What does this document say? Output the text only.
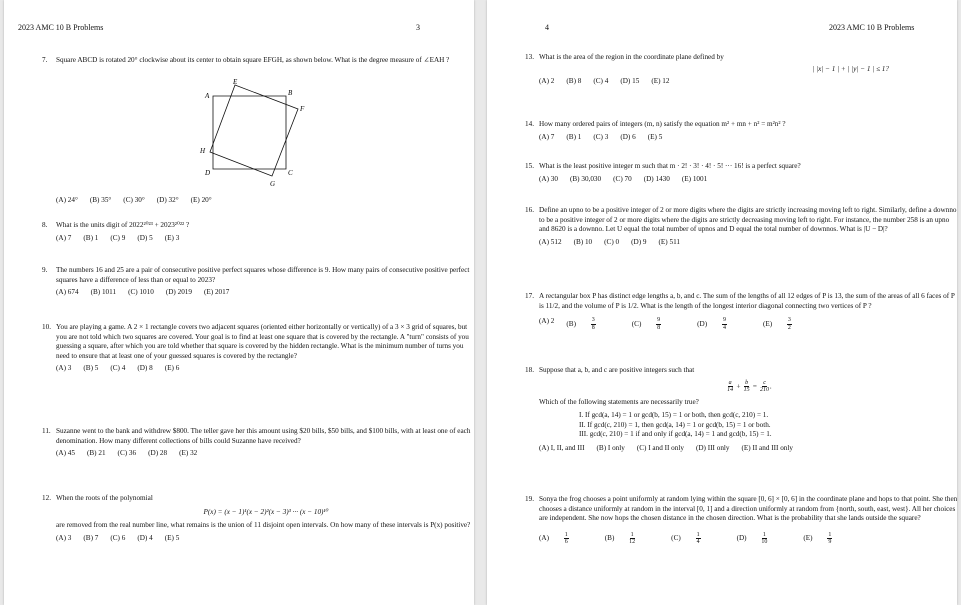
2023 AMC 10 B Problems	3
7. Square ABCD is rotated 20° clockwise about its center to obtain square EFGH, as shown below. What is the degree measure of ∠EAH ?
A	B
C
D
E
F
G
H
(A) 24° (B) 35° (C) 30° (D) 32° (E) 20°
8. What is the units digit of 2022²⁰²³ + 2023²⁰²² ?
(A) 7 (B) 1 (C) 9 (D) 5 (E) 3
9. The numbers 16 and 25 are a pair of consecutive positive perfect squares whose difference is 9. How many pairs of consecutive positive perfect squares have a difference of less than or equal to 2023?
(A) 674 (B) 1011 (C) 1010 (D) 2019 (E) 2017
10. You are playing a game. A 2 × 1 rectangle covers two adjacent squares (oriented either horizontally or vertically) of a 3 × 3 grid of squares, but you are not told which two squares are covered. Your goal is to find at least one square that is covered by the rectangle. A "turn" consists of you guessing a square, after which you are told whether that square is covered by the hidden rectangle. What is the minimum number of turns you need to ensure that at least one of your guessed squares is covered by the rectangle?
(A) 3 (B) 5 (C) 4 (D) 8 (E) 6
11. Suzanne went to the bank and withdrew $800. The teller gave her this amount using $20 bills, $50 bills, and $100 bills, with at least one of each denomination. How many different collections of bills could Suzanne have received?
(A) 45 (B) 21 (C) 36 (D) 28 (E) 32
12. When the roots of the polynomial
P(x) = (x − 1)¹(x − 2)²(x − 3)³ ··· (x − 10)¹⁰
are removed from the real number line, what remains is the union of 11 disjoint open intervals. On how many of these intervals is P(x) positive?
(A) 3 (B) 7 (C) 6 (D) 4 (E) 5
4	2023 AMC 10 B Problems
13. What is the area of the region in the coordinate plane defined by
| |x| − 1 | + | |y| − 1 | ≤ 1?
(A) 2 (B) 8 (C) 4 (D) 15 (E) 12
14. How many ordered pairs of integers (m, n) satisfy the equation m² + mn + n² = m²n² ?
(A) 7 (B) 1 (C) 3 (D) 6 (E) 5
15. What is the least positive integer m such that m · 2! · 3! · 4! · 5! ··· 16! is a perfect square?
(A) 30 (B) 30,030 (C) 70 (D) 1430 (E) 1001
16. Define an upno to be a positive integer of 2 or more digits where the digits are strictly increasing moving left to right. Similarly, define a downno to be a positive integer of 2 or more digits where the digits are strictly decreasing moving left to right. For instance, the number 258 is an upno and 8620 is a downno. Let U equal the total number of upnos and D equal the total number of downnos. What is |U − D|?
(A) 512 (B) 10 (C) 0 (D) 9 (E) 511
17. A rectangular box P has distinct edge lengths a, b, and c. The sum of the lengths of all 12 edges of P is 13, the sum of the areas of all 6 faces of P is 11/2, and the volume of P is 1/2. What is the length of the longest interior diagonal connecting two vertices of P ?
(A) 2 $(B) \frac{3}{8}$	$(C) \frac{9}{8}$	$(D) \frac{9}{4}$	$(E) \frac{3}{2}$
18. Suppose that a, b, and c are positive integers such that
$\frac{a}{14} + \frac{b}{15} = \frac{c}{210}$ .
Which of the following statements are necessarily true?
I. If gcd(a, 14) = 1 or gcd(b, 15) = 1 or both, then gcd(c, 210) = 1.
II. If gcd(c, 210) = 1, then gcd(a, 14) = 1 or gcd(b, 15) = 1 or both.
III. gcd(c, 210) = 1 if and only if gcd(a, 14) = 1 and gcd(b, 15) = 1.
(A) I, II, and III (B) I only (C) I and II only (D) III only (E) II and III only
19. Sonya the frog chooses a point uniformly at random lying within the square [0, 6] × [0, 6] in the coordinate plane and hops to that point. She then chooses a distance uniformly at random in the interval [0, 1] and a direction uniformly at random from {north, south, east, west}. All her choices are independent. She now hops the chosen distance in the chosen direction. What is the probability that she lands outside the square?
$(A) \frac{1}{6}$	$(B) \frac{1}{12}$	$(C) \frac{1}{4}$	$(D) \frac{1}{10}$	$(E) \frac{1}{9}$
